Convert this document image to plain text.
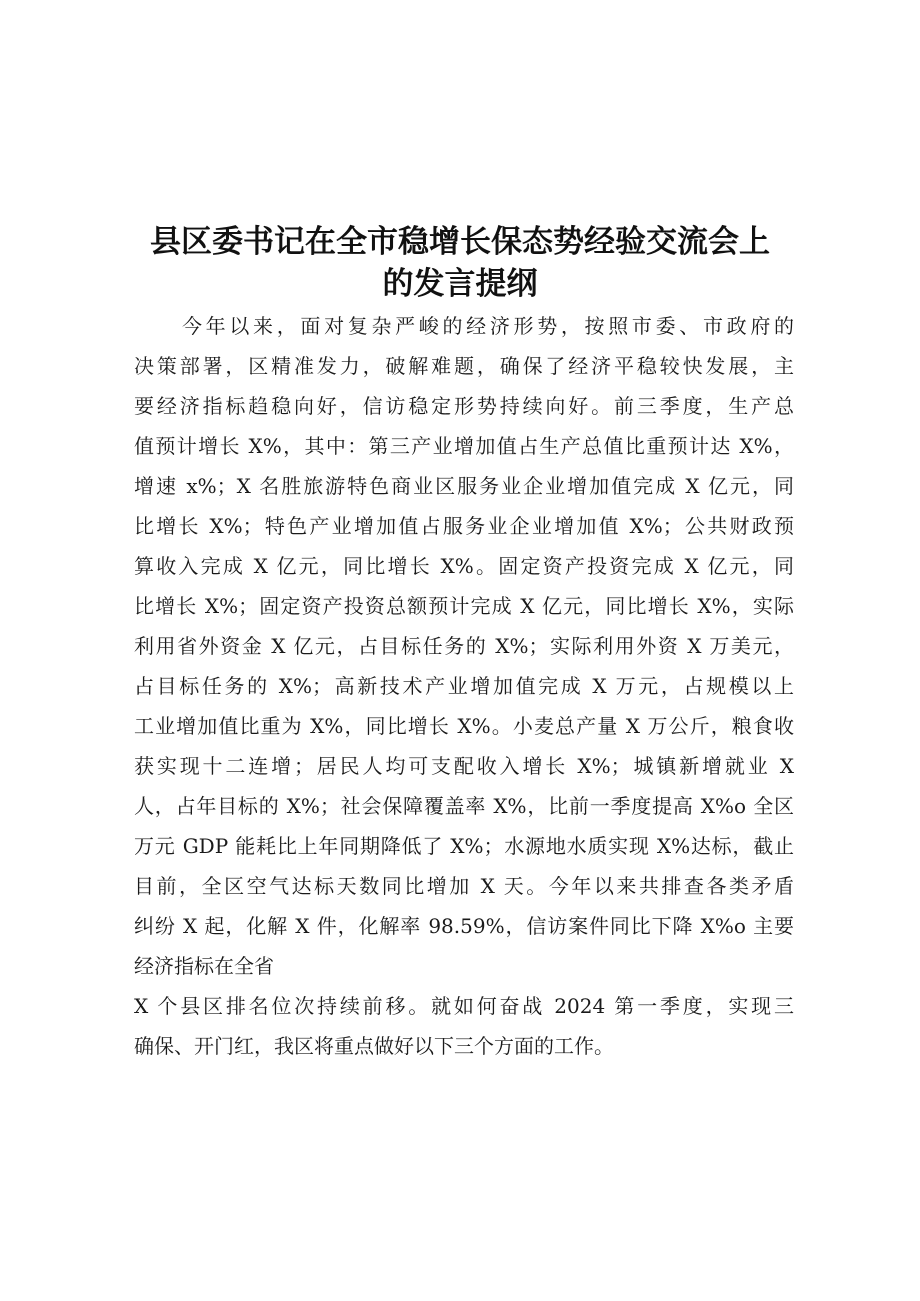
县区委书记在全市稳增长保态势经验交流会上
的发言提纲
今年以来，面对复杂严峻的经济形势，按照市委、市政府的
决策部署，区精准发力，破解难题，确保了经济平稳较快发展，主
要经济指标趋稳向好，信访稳定形势持续向好。前三季度，生产总
值预计增长 X%，其中：第三产业增加值占生产总值比重预计达 X%，
增速 x%；X 名胜旅游特色商业区服务业企业增加值完成 X 亿元，同
比增长 X%；特色产业增加值占服务业企业增加值 X%；公共财政预
算收入完成 X 亿元，同比增长 X%。固定资产投资完成 X 亿元，同
比增长 X%；固定资产投资总额预计完成 X 亿元，同比增长 X%，实际
利用省外资金 X 亿元，占目标任务的 X%；实际利用外资 X 万美元，
占目标任务的 X%；高新技术产业增加值完成 X 万元，占规模以上
工业增加值比重为 X%，同比增长 X%。小麦总产量 X 万公斤，粮食收
获实现十二连增；居民人均可支配收入增长 X%；城镇新增就业 X
人，占年目标的 X%；社会保障覆盖率 X%，比前一季度提高 X%o 全区
万元 GDP 能耗比上年同期降低了 X%；水源地水质实现 X%达标，截止
目前，全区空气达标天数同比增加 X 天。今年以来共排查各类矛盾
纠纷 X 起，化解 X 件，化解率 98.59%，信访案件同比下降 X%o 主要
经济指标在全省
X 个县区排名位次持续前移。就如何奋战 2024 第一季度，实现三
确保、开门红，我区将重点做好以下三个方面的工作。
